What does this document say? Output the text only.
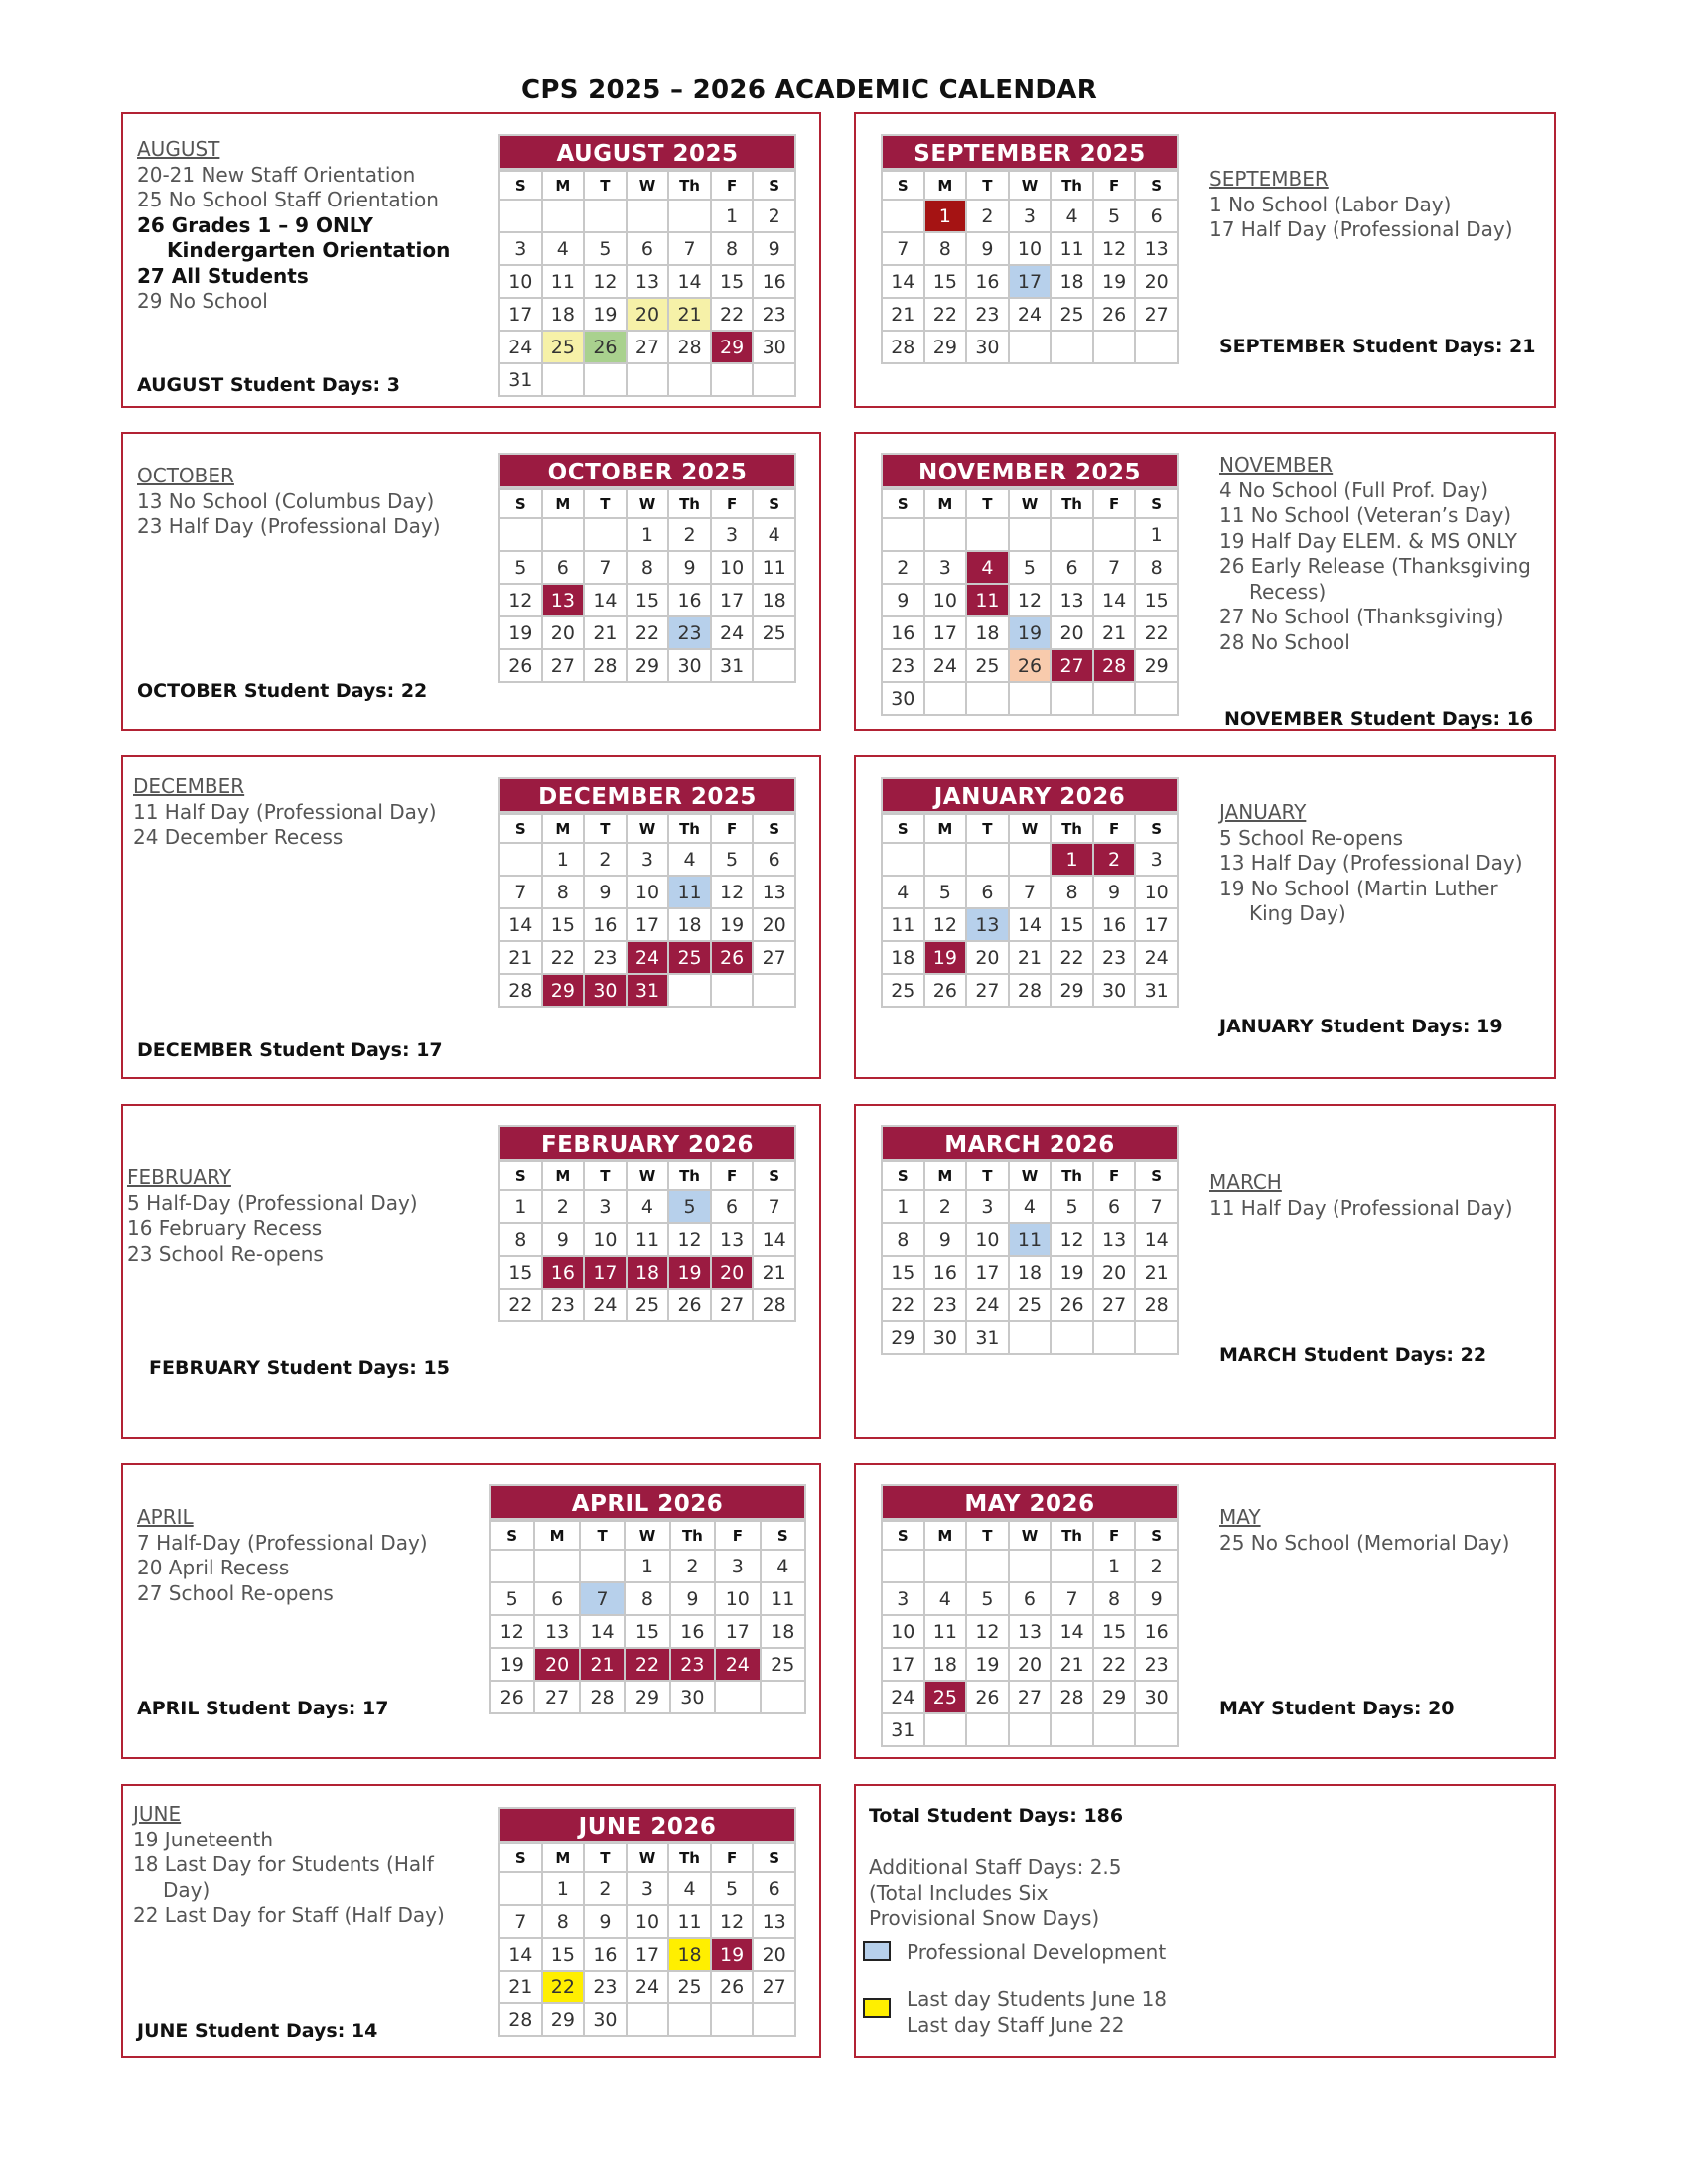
CPS 2025 – 2026 ACADEMIC CALENDAR
AUGUST 2025
S	M	T	W	Th	F	S
					1	2
3	4	5	6	7	8	9
10	11	12	13	14	15	16
17	18	19	20	21	22	23
24	25	26	27	28	29	30
31						
SEPTEMBER 2025
S	M	T	W	Th	F	S
	1	2	3	4	5	6
7	8	9	10	11	12	13
14	15	16	17	18	19	20
21	22	23	24	25	26	27
28	29	30				
OCTOBER 2025
S	M	T	W	Th	F	S
			1	2	3	4
5	6	7	8	9	10	11
12	13	14	15	16	17	18
19	20	21	22	23	24	25
26	27	28	29	30	31	
NOVEMBER 2025
S	M	T	W	Th	F	S
						1
2	3	4	5	6	7	8
9	10	11	12	13	14	15
16	17	18	19	20	21	22
23	24	25	26	27	28	29
30						
DECEMBER 2025
S	M	T	W	Th	F	S
	1	2	3	4	5	6
7	8	9	10	11	12	13
14	15	16	17	18	19	20
21	22	23	24	25	26	27
28	29	30	31			
JANUARY 2026
S	M	T	W	Th	F	S
				1	2	3
4	5	6	7	8	9	10
11	12	13	14	15	16	17
18	19	20	21	22	23	24
25	26	27	28	29	30	31
FEBRUARY 2026
S	M	T	W	Th	F	S
1	2	3	4	5	6	7
8	9	10	11	12	13	14
15	16	17	18	19	20	21
22	23	24	25	26	27	28
MARCH 2026
S	M	T	W	Th	F	S
1	2	3	4	5	6	7
8	9	10	11	12	13	14
15	16	17	18	19	20	21
22	23	24	25	26	27	28
29	30	31				
APRIL 2026
S	M	T	W	Th	F	S
			1	2	3	4
5	6	7	8	9	10	11
12	13	14	15	16	17	18
19	20	21	22	23	24	25
26	27	28	29	30		
MAY 2026
S	M	T	W	Th	F	S
					1	2
3	4	5	6	7	8	9
10	11	12	13	14	15	16
17	18	19	20	21	22	23
24	25	26	27	28	29	30
31						
JUNE 2026
S	M	T	W	Th	F	S
	1	2	3	4	5	6
7	8	9	10	11	12	13
14	15	16	17	18	19	20
21	22	23	24	25	26	27
28	29	30				
AUGUST
20-21 New Staff Orientation
25 No School Staff Orientation
26 Grades 1 – 9 ONLY
Kindergarten Orientation
27 All Students
29 No School
SEPTEMBER
1 No School (Labor Day)
17 Half Day (Professional Day)
OCTOBER
13 No School (Columbus Day)
23 Half Day (Professional Day)
NOVEMBER
4 No School (Full Prof. Day)
11 No School (Veteran’s Day)
19 Half Day ELEM. & MS ONLY
26 Early Release (Thanksgiving
Recess)
27 No School (Thanksgiving)
28 No School
DECEMBER
11 Half Day (Professional Day)
24 December Recess
JANUARY
5 School Re-opens
13 Half Day (Professional Day)
19 No School (Martin Luther
King Day)
FEBRUARY
5 Half-Day (Professional Day)
16 February Recess
23 School Re-opens
MARCH
11 Half Day (Professional Day)
APRIL
7 Half-Day (Professional Day)
20 April Recess
27 School Re-opens
MAY
25 No School (Memorial Day)
JUNE
19 Juneteenth
18 Last Day for Students (Half
Day)
22 Last Day for Staff (Half Day)
AUGUST Student Days: 3
SEPTEMBER Student Days: 21
OCTOBER Student Days: 22
NOVEMBER Student Days: 16
DECEMBER Student Days: 17
JANUARY Student Days: 19
FEBRUARY Student Days: 15
MARCH Student Days: 22
APRIL Student Days: 17	MAY Student Days: 20
JUNE Student Days: 14
Total Student Days: 186
Additional Staff Days: 2.5
(Total Includes Six
Provisional Snow Days)
Professional Development
Last day Students June 18
Last day Staff June 22
